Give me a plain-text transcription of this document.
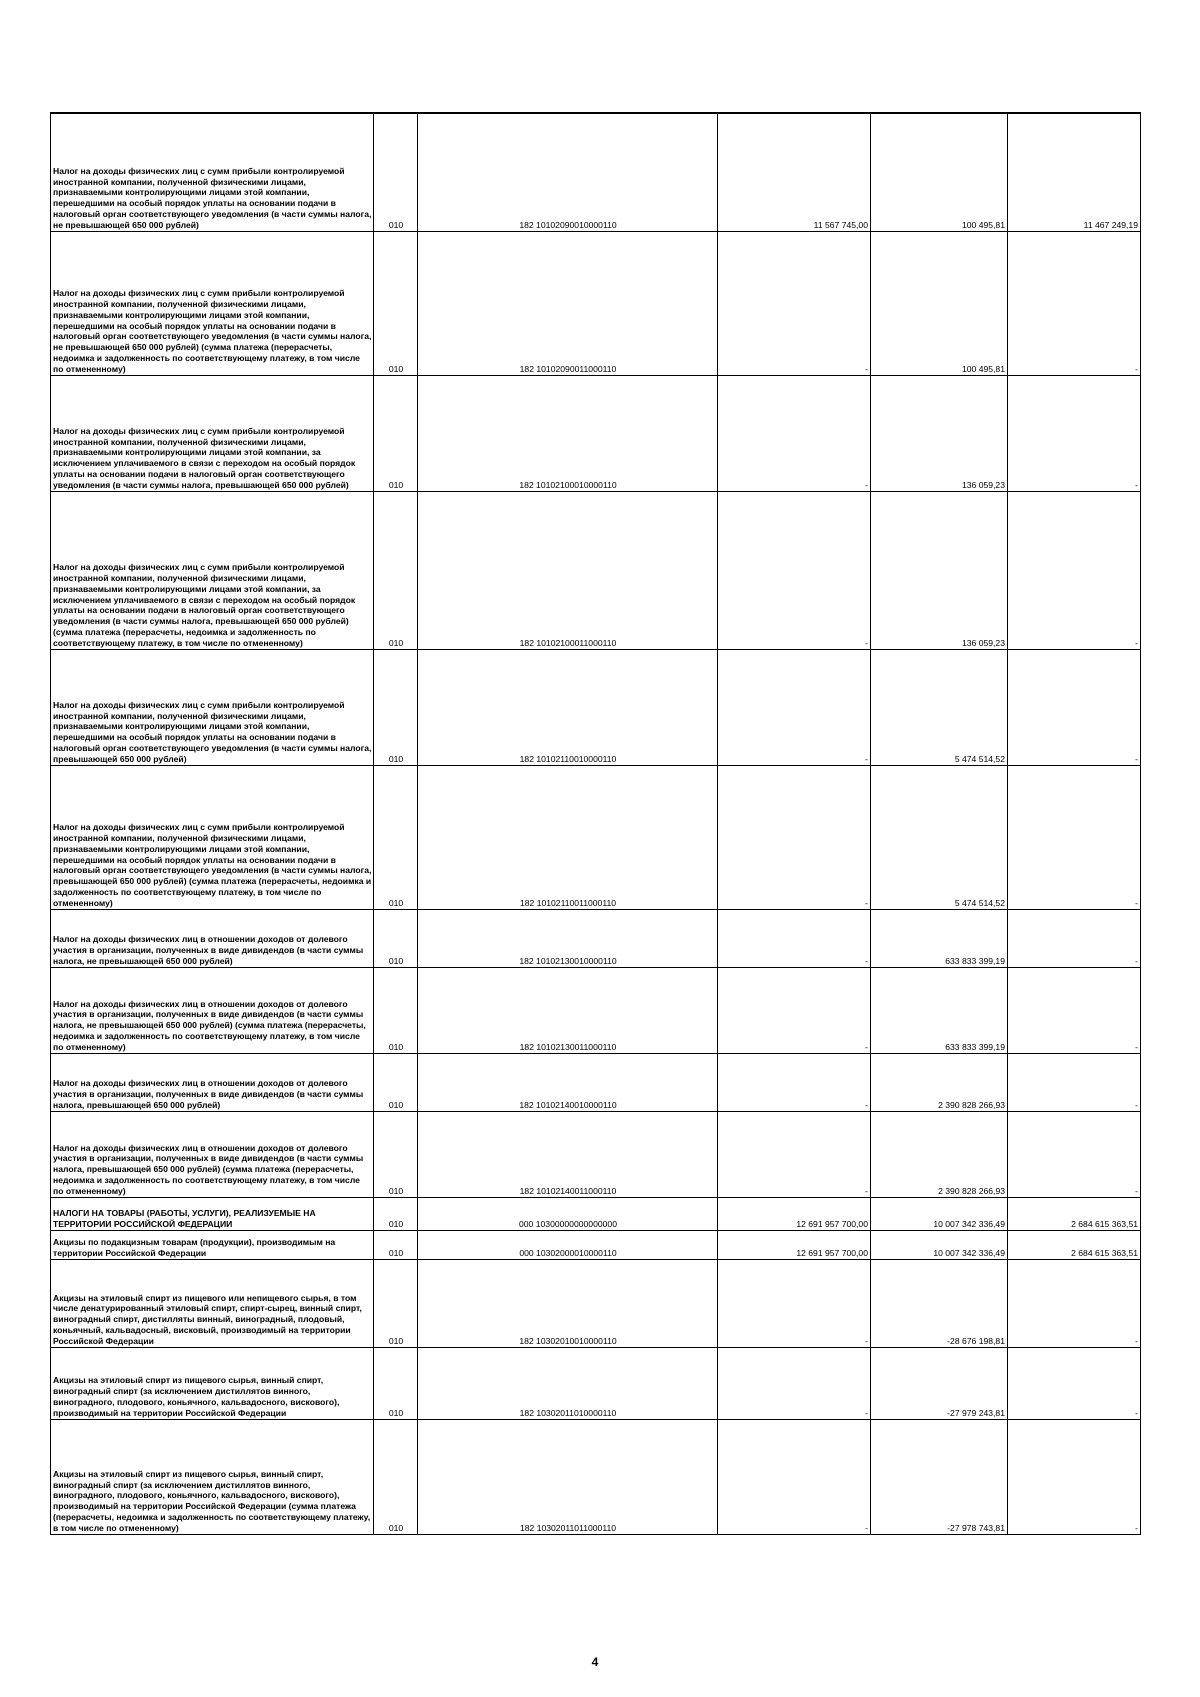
Налог на доходы физических лиц с сумм прибыли контролируемой иностранной компании, полученной физическими лицами, признаваемыми контролирующими лицами этой компании, перешедшими на особый порядок уплаты на основании подачи в налоговый орган соответствующего уведомления (в части суммы налога, не превышающей 650 000 рублей)	010	182 10102090010000110	11 567 745,00	100 495,81	11 467 249,19
Налог на доходы физических лиц с сумм прибыли контролируемой иностранной компании, полученной физическими лицами, признаваемыми контролирующими лицами этой компании, перешедшими на особый порядок уплаты на основании подачи в налоговый орган соответствующего уведомления (в части суммы налога, не превышающей 650 000 рублей) (сумма платежа (перерасчеты, недоимка и задолженность по соответствующему платежу, в том числе по отмененному)	010	182 10102090011000110	-	100 495,81	-
Налог на доходы физических лиц с сумм прибыли контролируемой иностранной компании, полученной физическими лицами, признаваемыми контролирующими лицами этой компании, за исключением уплачиваемого в связи с переходом на особый порядок уплаты на основании подачи в налоговый орган соответствующего уведомления (в части суммы налога, превышающей 650 000 рублей)	010	182 10102100010000110	-	136 059,23	-
Налог на доходы физических лиц с сумм прибыли контролируемой иностранной компании, полученной физическими лицами, признаваемыми контролирующими лицами этой компании, за исключением уплачиваемого в связи с переходом на особый порядок уплаты на основании подачи в налоговый орган соответствующего уведомления (в части суммы налога, превышающей 650 000 рублей) (сумма платежа (перерасчеты, недоимка и задолженность по соответствующему платежу, в том числе по отмененному)	010	182 10102100011000110	-	136 059,23	-
Налог на доходы физических лиц с сумм прибыли контролируемой иностранной компании, полученной физическими лицами, признаваемыми контролирующими лицами этой компании, перешедшими на особый порядок уплаты на основании подачи в налоговый орган соответствующего уведомления (в части суммы налога, превышающей 650 000 рублей)	010	182 10102110010000110	-	5 474 514,52	-
Налог на доходы физических лиц с сумм прибыли контролируемой иностранной компании, полученной физическими лицами, признаваемыми контролирующими лицами этой компании, перешедшими на особый порядок уплаты на основании подачи в налоговый орган соответствующего уведомления (в части суммы налога, превышающей 650 000 рублей) (сумма платежа (перерасчеты, недоимка и задолженность по соответствующему платежу, в том числе по отмененному)	010	182 10102110011000110	-	5 474 514,52	-
Налог на доходы физических лиц в отношении доходов от долевого участия в организации, полученных в виде дивидендов (в части суммы налога, не превышающей 650 000 рублей)	010	182 10102130010000110	-	633 833 399,19	-
Налог на доходы физических лиц в отношении доходов от долевого участия в организации, полученных в виде дивидендов (в части суммы налога, не превышающей 650 000 рублей) (сумма платежа (перерасчеты, недоимка и задолженность по соответствующему платежу, в том числе по отмененному)	010	182 10102130011000110	-	633 833 399,19	-
Налог на доходы физических лиц в отношении доходов от долевого участия в организации, полученных в виде дивидендов (в части суммы налога, превышающей 650 000 рублей)	010	182 10102140010000110	-	2 390 828 266,93	-
Налог на доходы физических лиц в отношении доходов от долевого участия в организации, полученных в виде дивидендов (в части суммы налога, превышающей 650 000 рублей) (сумма платежа (перерасчеты, недоимка и задолженность по соответствующему платежу, в том числе по отмененному)	010	182 10102140011000110	-	2 390 828 266,93	-
НАЛОГИ НА ТОВАРЫ (РАБОТЫ, УСЛУГИ), РЕАЛИЗУЕМЫЕ НА ТЕРРИТОРИИ РОССИЙСКОЙ ФЕДЕРАЦИИ	010	000 10300000000000000	12 691 957 700,00	10 007 342 336,49	2 684 615 363,51
Акцизы по подакцизным товарам (продукции), производимым на территории Российской Федерации	010	000 10302000010000110	12 691 957 700,00	10 007 342 336,49	2 684 615 363,51
Акцизы на этиловый спирт из пищевого или непищевого сырья, в том числе денатурированный этиловый спирт, спирт-сырец, винный спирт, виноградный спирт, дистилляты винный, виноградный, плодовый, коньячный, кальвадосный, висковый, производимый на территории Российской Федерации	010	182 10302010010000110	-	-28 676 198,81	-
Акцизы на этиловый спирт из пищевого сырья, винный спирт, виноградный спирт (за исключением дистиллятов винного, виноградного, плодового, коньячного, кальвадосного, вискового), производимый на территории Российской Федерации	010	182 10302011010000110	-	-27 979 243,81	-
Акцизы на этиловый спирт из пищевого сырья, винный спирт, виноградный спирт (за исключением дистиллятов винного, виноградного, плодового, коньячного, кальвадосного, вискового), производимый на территории Российской Федерации (сумма платежа (перерасчеты, недоимка и задолженность по соответствующему платежу, в том числе по отмененному)	010	182 10302011011000110	-	-27 978 743,81	-
4
